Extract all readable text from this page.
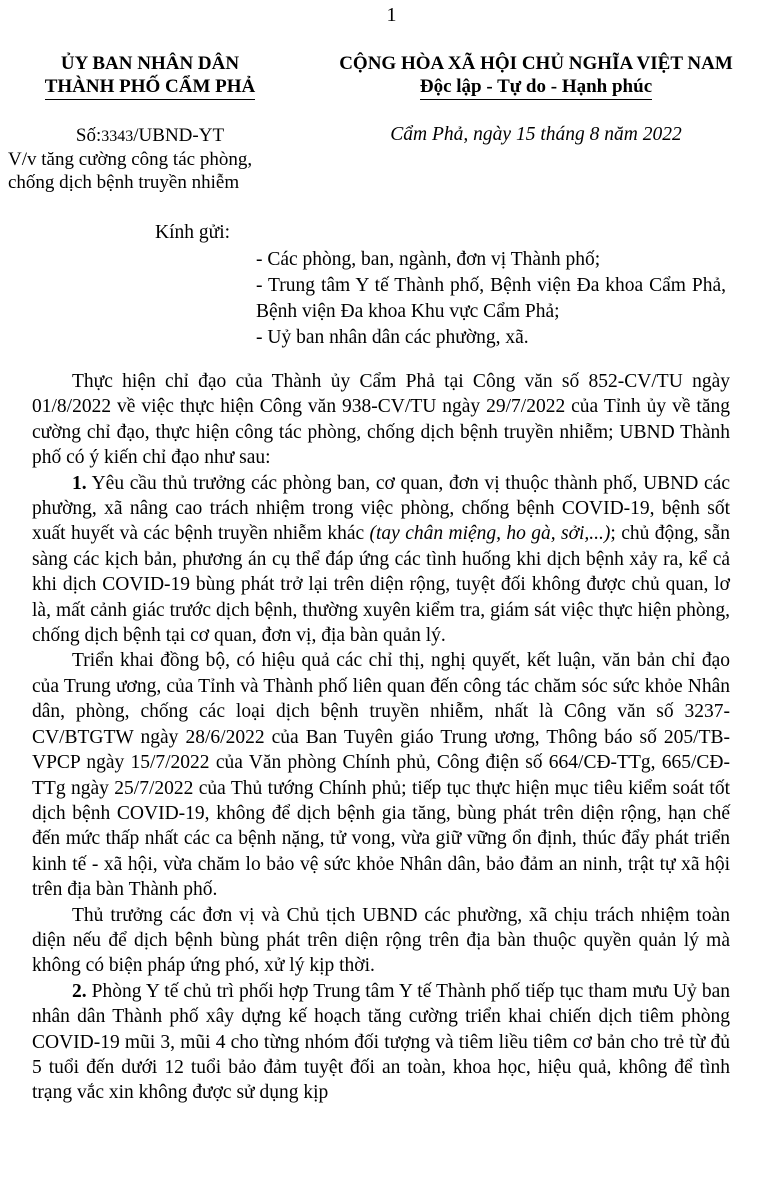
1
ỦY BAN NHÂN DÂN
THÀNH PHỐ CẨM PHẢ
CỘNG HÒA XÃ HỘI CHỦ NGHĨA VIỆT NAM
Độc lập - Tự do - Hạnh phúc
Số:3343/UBND-YT
V/v tăng cường công tác phòng,
chống dịch bệnh truyền nhiễm
Cẩm Phả, ngày 15 tháng 8 năm 2022
Kính gửi:
- Các phòng, ban, ngành, đơn vị Thành phố;
- Trung tâm Y tế Thành phố, Bệnh viện Đa khoa Cẩm Phả, Bệnh viện Đa khoa Khu vực Cẩm Phả;
- Uỷ ban nhân dân các phường, xã.

Thực hiện chỉ đạo của Thành ủy Cẩm Phả tại Công văn số 852-CV/TU ngày 01/8/2022 về việc thực hiện Công văn 938-CV/TU ngày 29/7/2022 của Tỉnh ủy về tăng cường chỉ đạo, thực hiện công tác phòng, chống dịch bệnh truyền nhiễm; UBND Thành phố có ý kiến chỉ đạo như sau:

1. Yêu cầu thủ trưởng các phòng ban, cơ quan, đơn vị thuộc thành phố, UBND các phường, xã nâng cao trách nhiệm trong việc phòng, chống bệnh COVID-19, bệnh sốt xuất huyết và các bệnh truyền nhiễm khác (tay chân miệng, ho gà, sởi,...); chủ động, sẵn sàng các kịch bản, phương án cụ thể đáp ứng các tình huống khi dịch bệnh xảy ra, kể cả khi dịch COVID-19 bùng phát trở lại trên diện rộng, tuyệt đối không được chủ quan, lơ là, mất cảnh giác trước dịch bệnh, thường xuyên kiểm tra, giám sát việc thực hiện phòng, chống dịch bệnh tại cơ quan, đơn vị, địa bàn quản lý.

Triển khai đồng bộ, có hiệu quả các chỉ thị, nghị quyết, kết luận, văn bản chỉ đạo của Trung ương, của Tỉnh và Thành phố liên quan đến công tác chăm sóc sức khỏe Nhân dân, phòng, chống các loại dịch bệnh truyền nhiễm, nhất là Công văn số 3237-CV/BTGTW ngày 28/6/2022 của Ban Tuyên giáo Trung ương, Thông báo số 205/TB-VPCP ngày 15/7/2022 của Văn phòng Chính phủ, Công điện số 664/CĐ-TTg, 665/CĐ-TTg ngày 25/7/2022 của Thủ tướng Chính phủ; tiếp tục thực hiện mục tiêu kiểm soát tốt dịch bệnh COVID-19, không để dịch bệnh gia tăng, bùng phát trên diện rộng, hạn chế đến mức thấp nhất các ca bệnh nặng, tử vong, vừa giữ vững ổn định, thúc đẩy phát triển kinh tế - xã hội, vừa chăm lo bảo vệ sức khỏe Nhân dân, bảo đảm an ninh, trật tự xã hội trên địa bàn Thành phố.

Thủ trưởng các đơn vị và Chủ tịch UBND các phường, xã chịu trách nhiệm toàn diện nếu để dịch bệnh bùng phát trên diện rộng trên địa bàn thuộc quyền quản lý mà không có biện pháp ứng phó, xử lý kịp thời.

2. Phòng Y tế chủ trì phối hợp Trung tâm Y tế Thành phố tiếp tục tham mưu Uỷ ban nhân dân Thành phố xây dựng kế hoạch tăng cường triển khai chiến dịch tiêm phòng COVID-19 mũi 3, mũi 4 cho từng nhóm đối tượng và tiêm liều tiêm cơ bản cho trẻ từ đủ 5 tuổi đến dưới 12 tuổi bảo đảm tuyệt đối an toàn, khoa học, hiệu quả, không để tình trạng vắc xin không được sử dụng kịp
